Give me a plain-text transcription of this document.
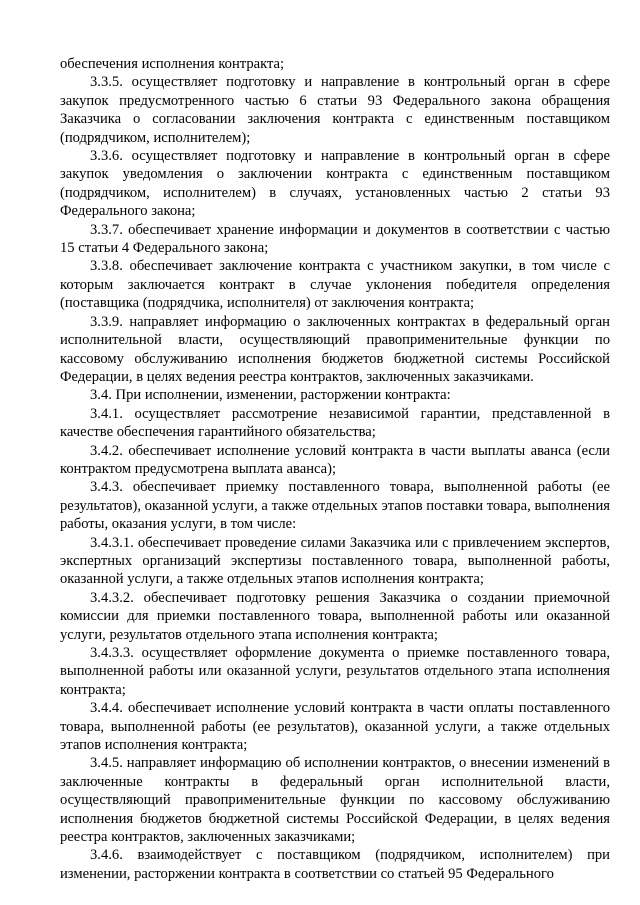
обеспечения исполнения контракта;

3.3.5. осуществляет подготовку и направление в контрольный орган в сфере закупок предусмотренного частью 6 статьи 93 Федерального закона обращения Заказчика о согласовании заключения контракта с единственным поставщиком (подрядчиком, исполнителем);

3.3.6. осуществляет подготовку и направление в контрольный орган в сфере закупок уведомления о заключении контракта с единственным поставщиком (подрядчиком, исполнителем) в случаях, установленных частью 2 статьи 93 Федерального закона;

3.3.7. обеспечивает хранение информации и документов в соответствии с частью 15 статьи 4 Федерального закона;

3.3.8. обеспечивает заключение контракта с участником закупки, в том числе с которым заключается контракт в случае уклонения победителя определения (поставщика (подрядчика, исполнителя) от заключения контракта;

3.3.9. направляет информацию о заключенных контрактах в федеральный орган исполнительной власти, осуществляющий правоприменительные функции по кассовому обслуживанию исполнения бюджетов бюджетной системы Российской Федерации, в целях ведения реестра контрактов, заключенных заказчиками.

3.4. При исполнении, изменении, расторжении контракта:

3.4.1. осуществляет рассмотрение независимой гарантии, представленной в качестве обеспечения гарантийного обязательства;

3.4.2. обеспечивает исполнение условий контракта в части выплаты аванса (если контрактом предусмотрена выплата аванса);

3.4.3. обеспечивает приемку поставленного товара, выполненной работы (ее результатов), оказанной услуги, а также отдельных этапов поставки товара, выполнения работы, оказания услуги, в том числе:

3.4.3.1. обеспечивает проведение силами Заказчика или с привлечением экспертов, экспертных организаций экспертизы поставленного товара, выполненной работы, оказанной услуги, а также отдельных этапов исполнения контракта;

3.4.3.2. обеспечивает подготовку решения Заказчика о создании приемочной комиссии для приемки поставленного товара, выполненной работы или оказанной услуги, результатов отдельного этапа исполнения контракта;

3.4.3.3. осуществляет оформление документа о приемке поставленного товара, выполненной работы или оказанной услуги, результатов отдельного этапа исполнения контракта;

3.4.4. обеспечивает исполнение условий контракта в части оплаты поставленного товара, выполненной работы (ее результатов), оказанной услуги, а также отдельных этапов исполнения контракта;

3.4.5. направляет информацию об исполнении контрактов, о внесении изменений в заключенные контракты в федеральный орган исполнительной власти, осуществляющий правоприменительные функции по кассовому обслуживанию исполнения бюджетов бюджетной системы Российской Федерации, в целях ведения реестра контрактов, заключенных заказчиками;

3.4.6. взаимодействует с поставщиком (подрядчиком, исполнителем) при изменении, расторжении контракта в соответствии со статьей 95 Федерального
